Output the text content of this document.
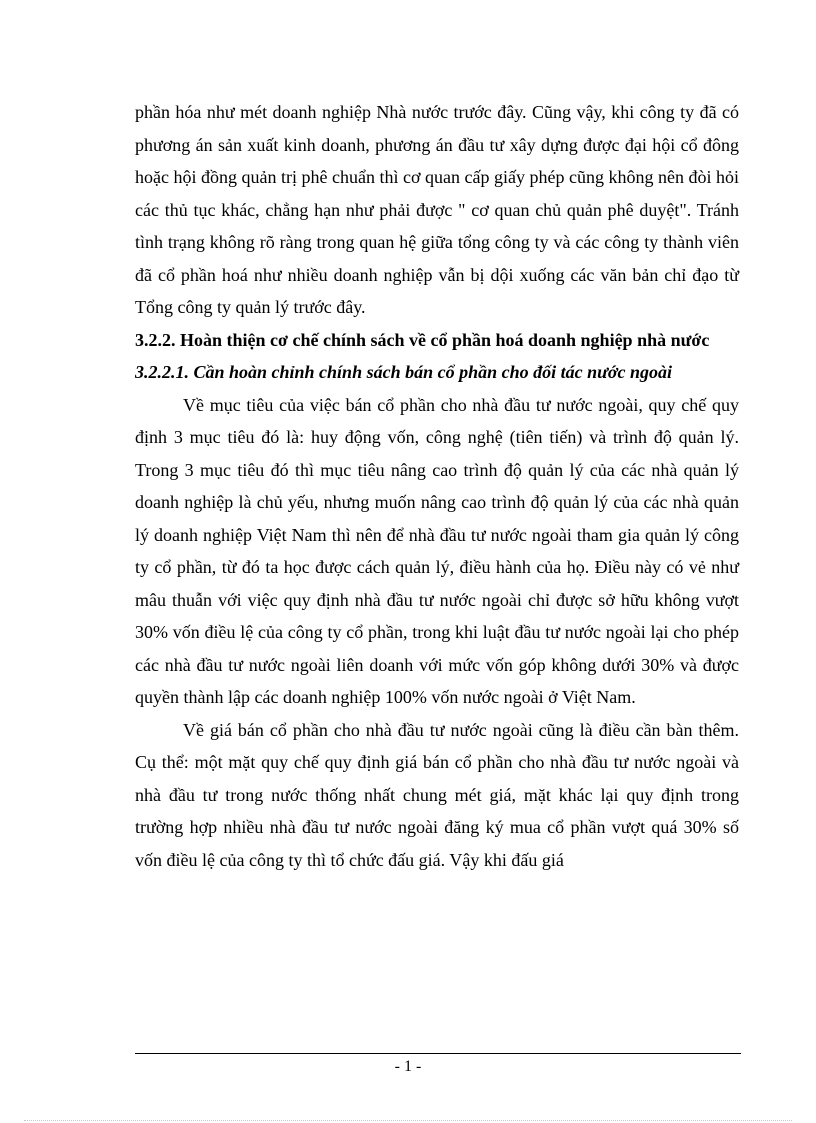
phần hóa như mét doanh nghiệp Nhà nước trước đây. Cũng vậy, khi công ty đã có phương án sản xuất kinh doanh, phương án đầu tư xây dựng được đại hội cổ đông hoặc hội đồng quản trị phê chuẩn thì cơ quan cấp giấy phép cũng không nên đòi hỏi các thủ tục khác, chẳng hạn như phải được " cơ quan chủ quản phê duyệt". Tránh tình trạng không rõ ràng trong quan hệ giữa tổng công ty và các công ty thành viên đã cổ phần hoá như nhiều doanh nghiệp vẫn bị dội xuống các văn bản chỉ đạo từ Tổng công ty quản lý trước đây.

3.2.2. Hoàn thiện cơ chế chính sách về cổ phần hoá doanh nghiệp nhà nước

3.2.2.1. Cần hoàn chỉnh chính sách bán cổ phần cho đối tác nước ngoài

Về mục tiêu của việc bán cổ phần cho nhà đầu tư nước ngoài, quy chế quy định 3 mục tiêu đó là: huy động vốn, công nghệ (tiên tiến) và trình độ quản lý. Trong 3 mục tiêu đó thì mục tiêu nâng cao trình độ quản lý của các nhà quản lý doanh nghiệp là chủ yếu, nhưng muốn nâng cao trình độ quản lý của các nhà quản lý doanh nghiệp Việt Nam thì nên để nhà đầu tư nước ngoài tham gia quản lý công ty cổ phần, từ đó ta học được cách quản lý, điều hành của họ. Điều này có vẻ như mâu thuẫn với việc quy định nhà đầu tư nước ngoài chỉ được sở hữu không vượt 30% vốn điều lệ của công ty cổ phần, trong khi luật đầu tư nước ngoài lại cho phép các nhà đầu tư nước ngoài liên doanh với mức vốn góp không dưới 30% và được quyền thành lập các doanh nghiệp 100% vốn nước ngoài ở Việt Nam.

Về giá bán cổ phần cho nhà đầu tư nước ngoài cũng là điều cần bàn thêm. Cụ thể: một mặt quy chế quy định giá bán cổ phần cho nhà đầu tư nước ngoài và nhà đầu tư trong nước thống nhất chung mét giá, mặt khác lại quy định trong trường hợp nhiều nhà đầu tư nước ngoài đăng ký mua cổ phần vượt quá 30% số vốn điều lệ của công ty thì tổ chức đấu giá. Vậy khi đấu giá

- 1 -
